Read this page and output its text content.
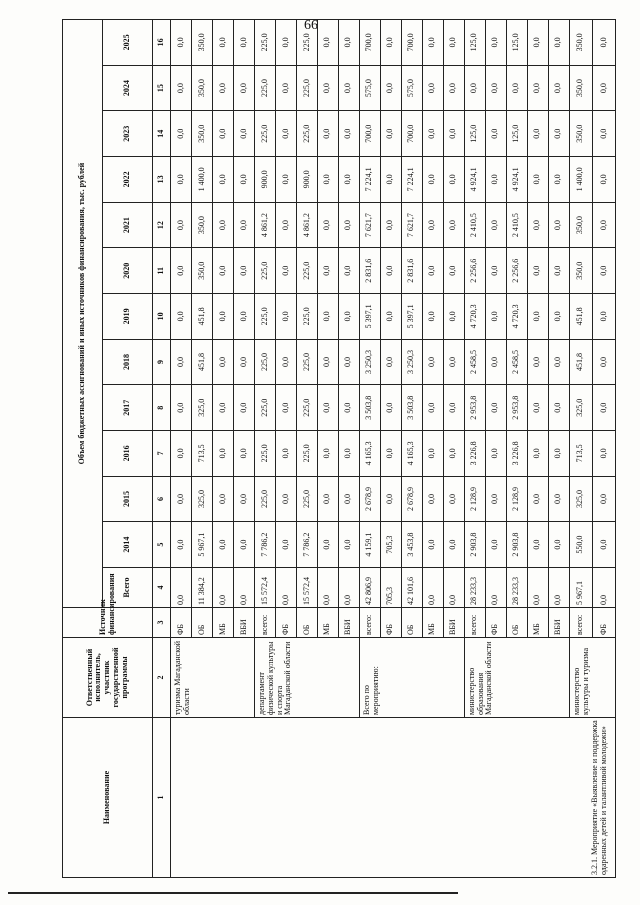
66
Наименование	Ответственный исполнитель, участник государственной программы	Источник финансирования	Объем бюджетных ассигнований и иных источников финансирования, тыс. рублей												
			Всего	2014	2015	2016	2017	2018	2019	2020	2021	2022	2023	2024	2025
1	2	3	4	5	6	7	8	9	10	11	12	13	14	15	16
3.2.1. Мероприятие «Выявление и поддержка одаренных детей и талантливой молодежи»	туризма Магаданской области	ФБ	0,0	0,0	0,0	0,0	0,0	0,0	0,0	0,0	0,0	0,0	0,0	0,0	0,0
		ОБ	11 384,2	5 967,1	325,0	713,5	325,0	451,8	451,8	350,0	350,0	1 400,0	350,0	350,0	350,0
		МБ	0,0	0,0	0,0	0,0	0,0	0,0	0,0	0,0	0,0	0,0	0,0	0,0	0,0
		ВБИ	0,0	0,0	0,0	0,0	0,0	0,0	0,0	0,0	0,0	0,0	0,0	0,0	0,0
	департамент физической культуры и спорта Магаданской области	всего:	15 572,4	7 786,2	225,0	225,0	225,0	225,0	225,0	225,0	4 861,2	900,0	225,0	225,0	225,0
		ФБ	0,0	0,0	0,0	0,0	0,0	0,0	0,0	0,0	0,0	0,0	0,0	0,0	0,0
		ОБ	15 572,4	7 786,2	225,0	225,0	225,0	225,0	225,0	225,0	4 861,2	900,0	225,0	225,0	225,0
		МБ	0,0	0,0	0,0	0,0	0,0	0,0	0,0	0,0	0,0	0,0	0,0	0,0	0,0
		ВБИ	0,0	0,0	0,0	0,0	0,0	0,0	0,0	0,0	0,0	0,0	0,0	0,0	0,0
	Всего по мероприятию:	всего:	42 806,9	4 159,1	2 678,9	4 165,3	3 503,8	3 250,3	5 397,1	2 831,6	7 621,7	7 224,1	700,0	575,0	700,0
		ФБ	705,3	705,3	0,0	0,0	0,0	0,0	0,0	0,0	0,0	0,0	0,0	0,0	0,0
		ОБ	42 101,6	3 453,8	2 678,9	4 165,3	3 503,8	3 250,3	5 397,1	2 831,6	7 621,7	7 224,1	700,0	575,0	700,0
		МБ	0,0	0,0	0,0	0,0	0,0	0,0	0,0	0,0	0,0	0,0	0,0	0,0	0,0
		ВБИ	0,0	0,0	0,0	0,0	0,0	0,0	0,0	0,0	0,0	0,0	0,0	0,0	0,0
	министерство образования Магаданской области	всего:	28 233,3	2 903,8	2 128,9	3 226,8	2 953,8	2 458,5	4 720,3	2 256,6	2 410,5	4 924,1	125,0	0,0	125,0
		ФБ	0,0	0,0	0,0	0,0	0,0	0,0	0,0	0,0	0,0	0,0	0,0	0,0	0,0
		ОБ	28 233,3	2 903,8	2 128,9	3 226,8	2 953,8	2 458,5	4 720,3	2 256,6	2 410,5	4 924,1	125,0	0,0	125,0
		МБ	0,0	0,0	0,0	0,0	0,0	0,0	0,0	0,0	0,0	0,0	0,0	0,0	0,0
		ВБИ	0,0	0,0	0,0	0,0	0,0	0,0	0,0	0,0	0,0	0,0	0,0	0,0	0,0
	министерство культуры и туризма	всего:	5 967,1	550,0	325,0	713,5	325,0	451,8	451,8	350,0	350,0	1 400,0	350,0	350,0	350,0
		ФБ	0,0	0,0	0,0	0,0	0,0	0,0	0,0	0,0	0,0	0,0	0,0	0,0	0,0
